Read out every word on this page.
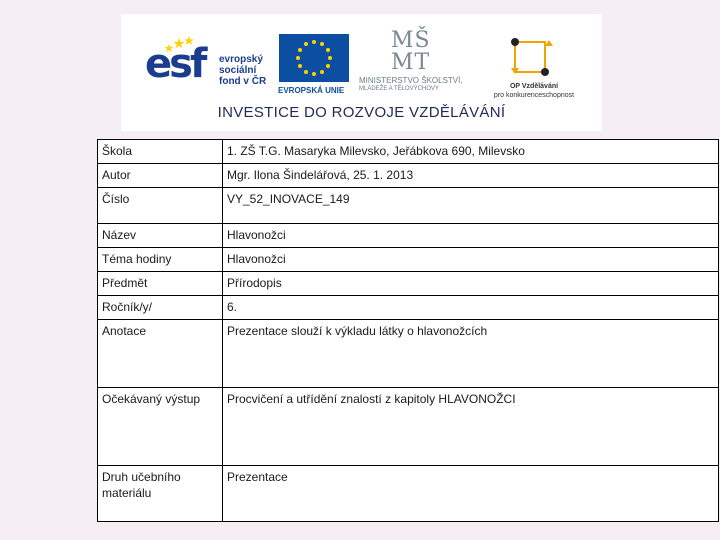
esf evropský
sociální
fond v ČR
EVROPSKÁ UNIE
MŠ MT
MINISTERSTVO ŠKOLSTVÍ,
MLÁDEŽE A TĚLOVÝCHOVY	OP Vzdělávání
pro konkurenceschopnost
INVESTICE DO ROZVOJE VZDĚLÁVÁNÍ
Škola	1. ZŠ T.G. Masaryka Milevsko, Jeřábkova 690, Milevsko
Autor	Mgr. Ilona Šindelářová, 25. 1. 2013
Číslo	VY_52_INOVACE_149
Název	Hlavonožci
Téma hodiny	Hlavonožci
Předmět	Přírodopis
Ročník/y/	6.
Anotace	Prezentace slouží k výkladu látky o hlavonožcích
Očekávaný výstup	Procvičení a utřídění znalostí z kapitoly HLAVONOŽCI
Druh učebního materiálu	Prezentace
